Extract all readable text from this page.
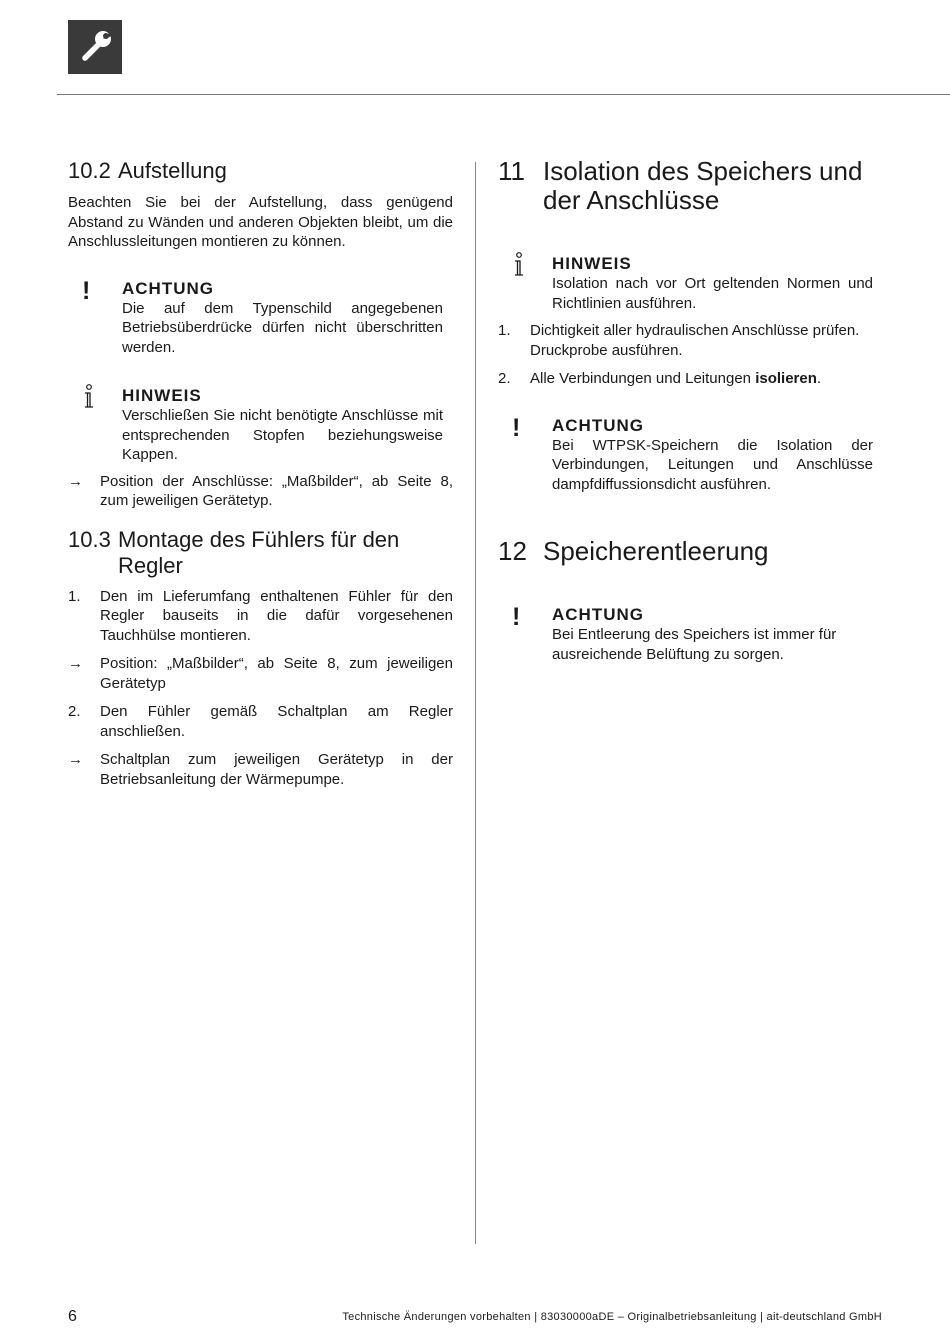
10.2 Aufstellung

Beachten Sie bei der Aufstellung, dass genügend Abstand zu Wänden und anderen Objekten bleibt, um die Anschlussleitungen montieren zu können.

! ACHTUNG

Die auf dem Typenschild angegebenen Betriebsüberdrücke dürfen nicht überschritten werden.

HINWEIS

Verschließen Sie nicht benötigte Anschlüsse mit entsprechenden Stopfen beziehungsweise Kappen.

→	Position der Anschlüsse: „Maßbilder“, ab Seite 8, zum jeweiligen Gerätetyp.
10.3 Montage des Fühlers für den Regler
1.	Den im Lieferumfang enthaltenen Fühler für den Regler bauseits in die dafür vorgesehenen Tauchhülse montieren.
→	Position: „Maßbilder“, ab Seite 8, zum jeweiligen Gerätetyp
2.	Den Fühler gemäß Schaltplan am Regler anschließen.
→	Schaltplan zum jeweiligen Gerätetyp in der Betriebsanleitung der Wärmepumpe.
11 Isolation des Speichers und der Anschlüsse
HINWEIS

Isolation nach vor Ort geltenden Normen und Richtlinien ausführen.

1.	Dichtigkeit aller hydraulischen Anschlüsse prüfen. Druckprobe ausführen.
2.	Alle Verbindungen und Leitungen isolieren.
! ACHTUNG

Bei WTPSK-Speichern die Isolation der Verbindungen, Leitungen und Anschlüsse dampfdiffussionsdicht ausführen.

12 Speicherentleerung
! ACHTUNG

Bei Entleerung des Speichers ist immer für ausreichende Belüftung zu sorgen.

6	Technische Änderungen vorbehalten | 83030000aDE – Originalbetriebsanleitung | ait-deutschland GmbH
